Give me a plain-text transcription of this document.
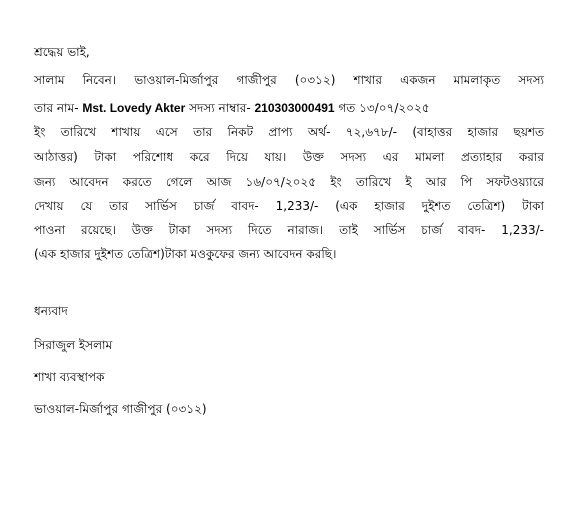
শ্রদ্ধেয় ভাই,
সালাম নিবেন। ভাওয়াল-মির্জাপুর গাজীপুর (০৩১২) শাখার একজন মামলাকৃত সদস্য
তার নাম- Mst. Lovedy Akter সদস্য নাম্বার- 210303000491 গত ১৩/০৭/২০২৫
ইং তারিখে শাখায় এসে তার নিকট প্রাপ্য অর্থ- ৭২,৬৭৮/- (বাহাত্তর হাজার ছয়শত
আঠাত্তর) টাকা পরিশোধ করে দিয়ে যায়। উক্ত সদস্য এর মামলা প্রত্যাহার করার
জন্য আবেদন করতে গেলে আজ ১৬/০৭/২০২৫ ইং তারিখে ই আর পি সফটওয়্যারে
দেখায় যে তার সার্ভিস চার্জ বাবদ- 1,233/- (এক হাজার দুইশত তেত্রিশ) টাকা
পাওনা রয়েছে। উক্ত টাকা সদস্য দিতে নারাজ। তাই সার্ভিস চার্জ বাবদ- 1,233/-
(এক হাজার দুইশত তেত্রিশ)টাকা মওকুফের জন্য আবেদন করছি।
ধন্যবাদ
সিরাজুল ইসলাম
শাখা ব্যবস্থাপক
ভাওয়াল-মির্জাপুর গাজীপুর (০৩১২)
